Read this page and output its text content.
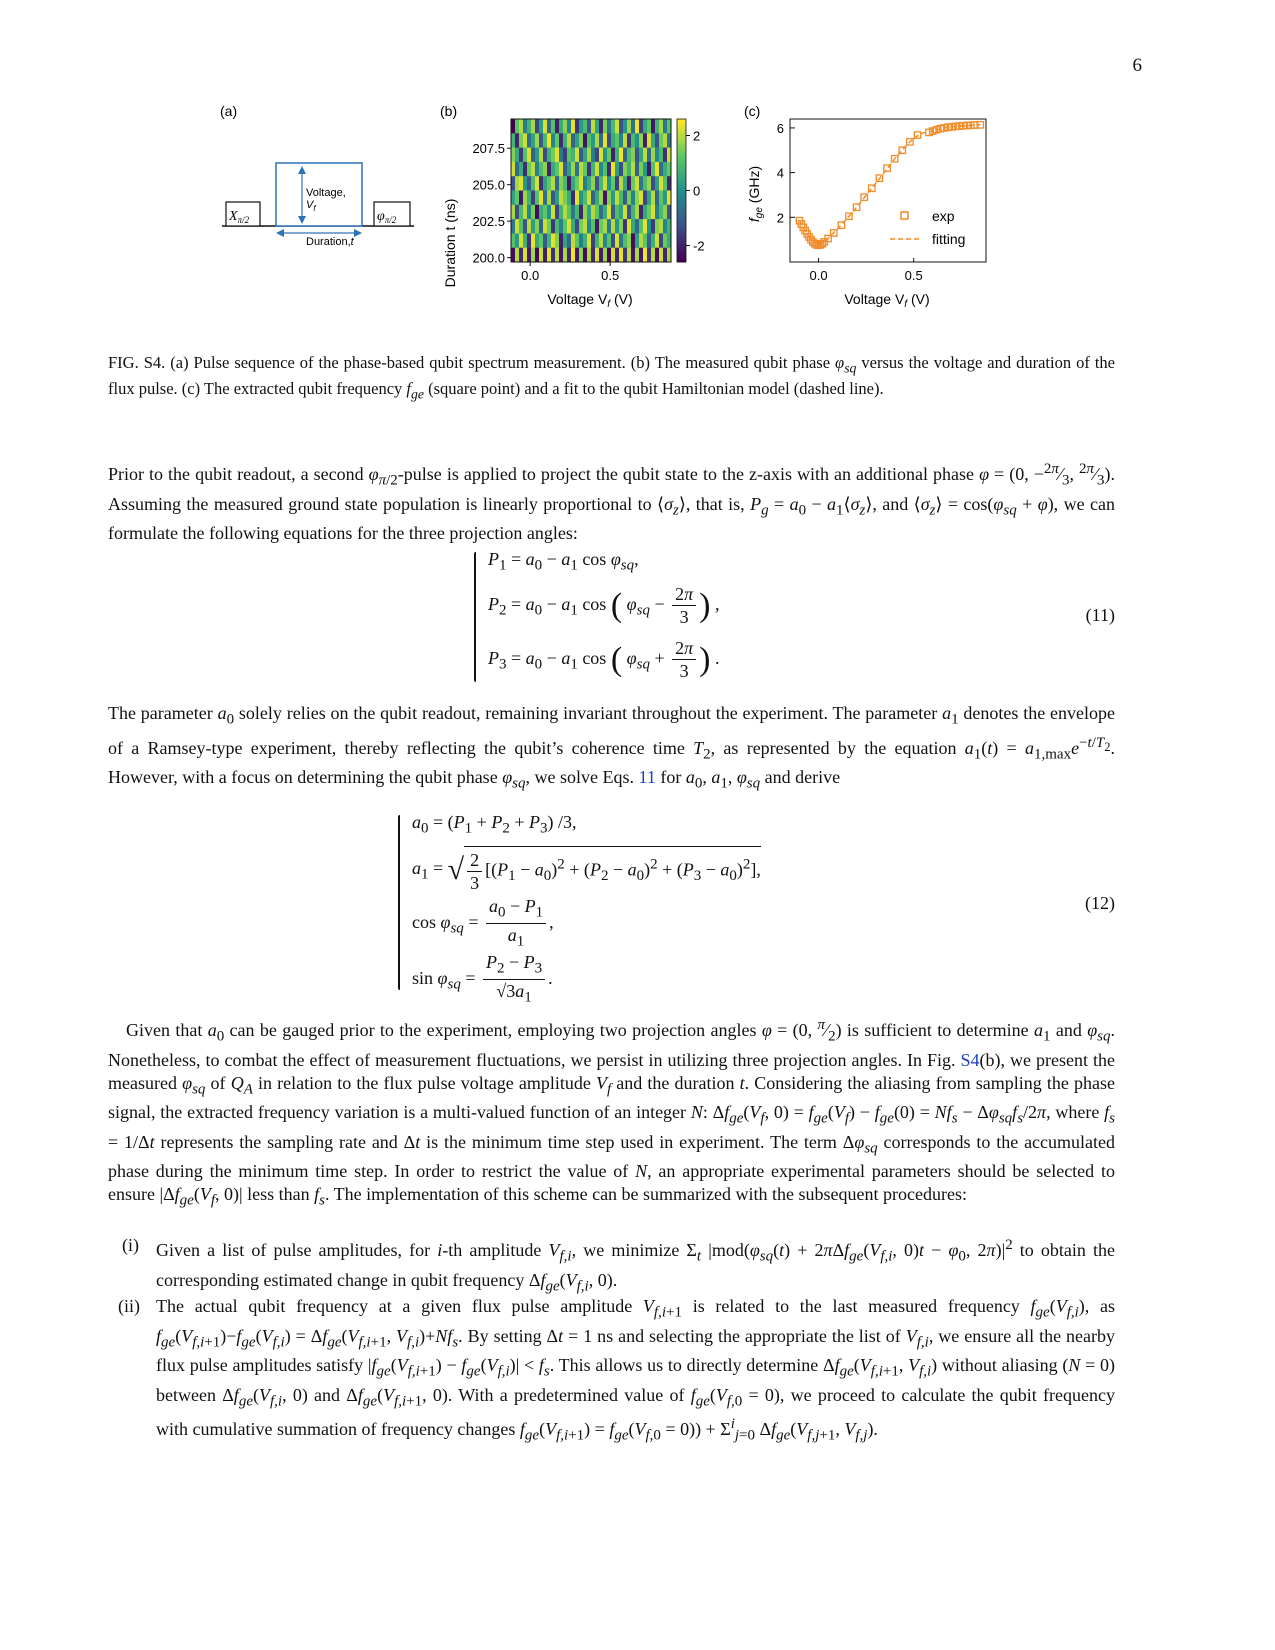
6
(a)
$X_{\pi/2}$
Voltage,
$V_f$
Duration,t
$\varphi_{\pi/2}$
(b)
Duration t (ns)	0.0	0.5
200.0
202.5
205.0
207.5
Voltage $V_f$ (V)
2
0
-2
(c)
$f_{ge}$ (GHz)
0.0	0.5
2
4
6
Voltage $V_f$ (V)
exp
fitting
FIG. S4. (a) Pulse sequence of the phase-based qubit spectrum measurement. (b) The measured qubit phase $\varphi_{sq}$ versus the voltage and duration of the flux pulse. (c) The extracted qubit frequency $f_{ge}$ (square point) and a fit to the qubit Hamiltonian model (dashed line).
Prior to the qubit readout, a second $\varphi_{\pi/2}$-pulse is applied to project the qubit state to the z-axis with an additional phase φ = (0, $-^{2\pi}⁄_3$, $^{2\pi}⁄_3$). Assuming the measured ground state population is linearly proportional to $⟨\sigma_z⟩$, that is, $P_g = a_0$ − $a_1⟨\sigma_z⟩$, and $⟨\sigma_z⟩ = \cos(\varphi_{sq} + \varphi)$, we can formulate the following equations for the three projection angles:
$P_1 = a_0 - a_1$ $\cos \varphi_{sq}$,
$P_2 = a_0 - a_1$ cos ( $\varphi_{sq} - \frac{2\pi}{3}$ ) ,
$P_3 = a_0 - a_1$ cos ( $\varphi_{sq} + \frac{2\pi}{3}$ ) .
(11)
The parameter $a_0$ solely relies on the qubit readout, remaining invariant throughout the experiment. The parameter $a_1$ denotes the envelope of a Ramsey-type experiment, thereby reflecting the qubit’s coherence time $T_2$, as represented by the equation $a_1(t) = a_{1,max}e^{-t/T_2}$. However, with a focus on determining the qubit phase $\varphi_{sq}$, we solve Eqs. 11 for $a_0$, $a_1$, $\varphi_{sq}$ and derive
$a_0 = (P_1 + P_2 + P_3)$ /3,
$a_1$ = √ $\frac{2}{3} [(P_1 - a_0)^2 + (P_2 - a_0)^2 + (P_3 - a_0)^2]$,
$\cos \varphi_{sq} = \frac{a_0 - P_1}{a_1}$ ,
$\sin \varphi_{sq} = \frac{P_2 - P_3}{√3a_1}$ .
(12)
Given that $a_0$ can be gauged prior to the experiment, employing two projection angles φ = (0, $^\pi⁄_2$) is sufficient to determine $a_1$ and $\varphi_{sq}$. Nonetheless, to combat the effect of measurement fluctuations, we persist in utilizing three projection angles. In Fig. S4(b), we present the measured $\varphi_{sq}$ of $Q_A$ in relation to the flux pulse voltage amplitude $V_f$ and the duration t. Considering the aliasing from sampling the phase signal, the extracted frequency variation is a multi-valued function of an integer N: $\Delta f_{ge}(V_f$, $0) = f_{ge}(V_f) - f_{ge}(0) = Nf_s - \Delta\varphi_{sq}f_s/2\pi$, where $f_s = 1/\Delta t$ represents the sampling rate and Δt is the minimum time step used in experiment. The term $\Delta\varphi_{sq}$ corresponds to the accumulated phase during the minimum time step. In order to restrict the value of N, an appropriate experimental parameters should be selected to ensure $|\Delta f_{ge}(V_f$, 0)| less than $f_s$. The implementation of this scheme can be summarized with the subsequent procedures:
(i) Given a list of pulse amplitudes, for i-th amplitude $V_{f,i}$, we minimize $\Sigma_t$ $|mod(\varphi_{sq}(t) + 2\pi\Delta f_{ge}(V_{f,i}$, $0)t - \varphi_0$, $2\pi)|^2$ to obtain the corresponding estimated change in qubit frequency $\Delta f_{ge}(V_{f,i}$, 0).
(ii) The actual qubit frequency at a given flux pulse amplitude $V_{f,i+1}$ is related to the last measured frequency $f_{ge}(V_{f,i})$, as $f_{ge}(V_{f,i+1})-f_{ge}(V_{f,i}) = \Delta f_{ge}(V_{f,i+1}$, $V_{f,i})+Nf_s$. By setting Δt = 1 ns and selecting the appropriate the list of $V_{f,i}$, we ensure all the nearby flux pulse amplitudes satisfy $|f_{ge}(V_{f,i+1}) - f_{ge}(V_{f,i})| < f_s$. This allows us to directly determine $\Delta f_{ge}(V_{f,i+1}$, $V_{f,i}$) without aliasing (N = 0) between $\Delta f_{ge}(V_{f,i}$, 0) and $\Delta f_{ge}(V_{f,i+1}$, 0). With a predetermined value of $f_{ge}(V_{f,0} = 0)$, we proceed to calculate the qubit frequency with cumulative summation of frequency changes $f_{ge}(V_{f,i+1}) = f_{ge}(V_{f,0} = 0)) + \Sigma^i_{j=0}$ $\Delta f_{ge}(V_{f,j+1}$, $V_{f,j}$).
